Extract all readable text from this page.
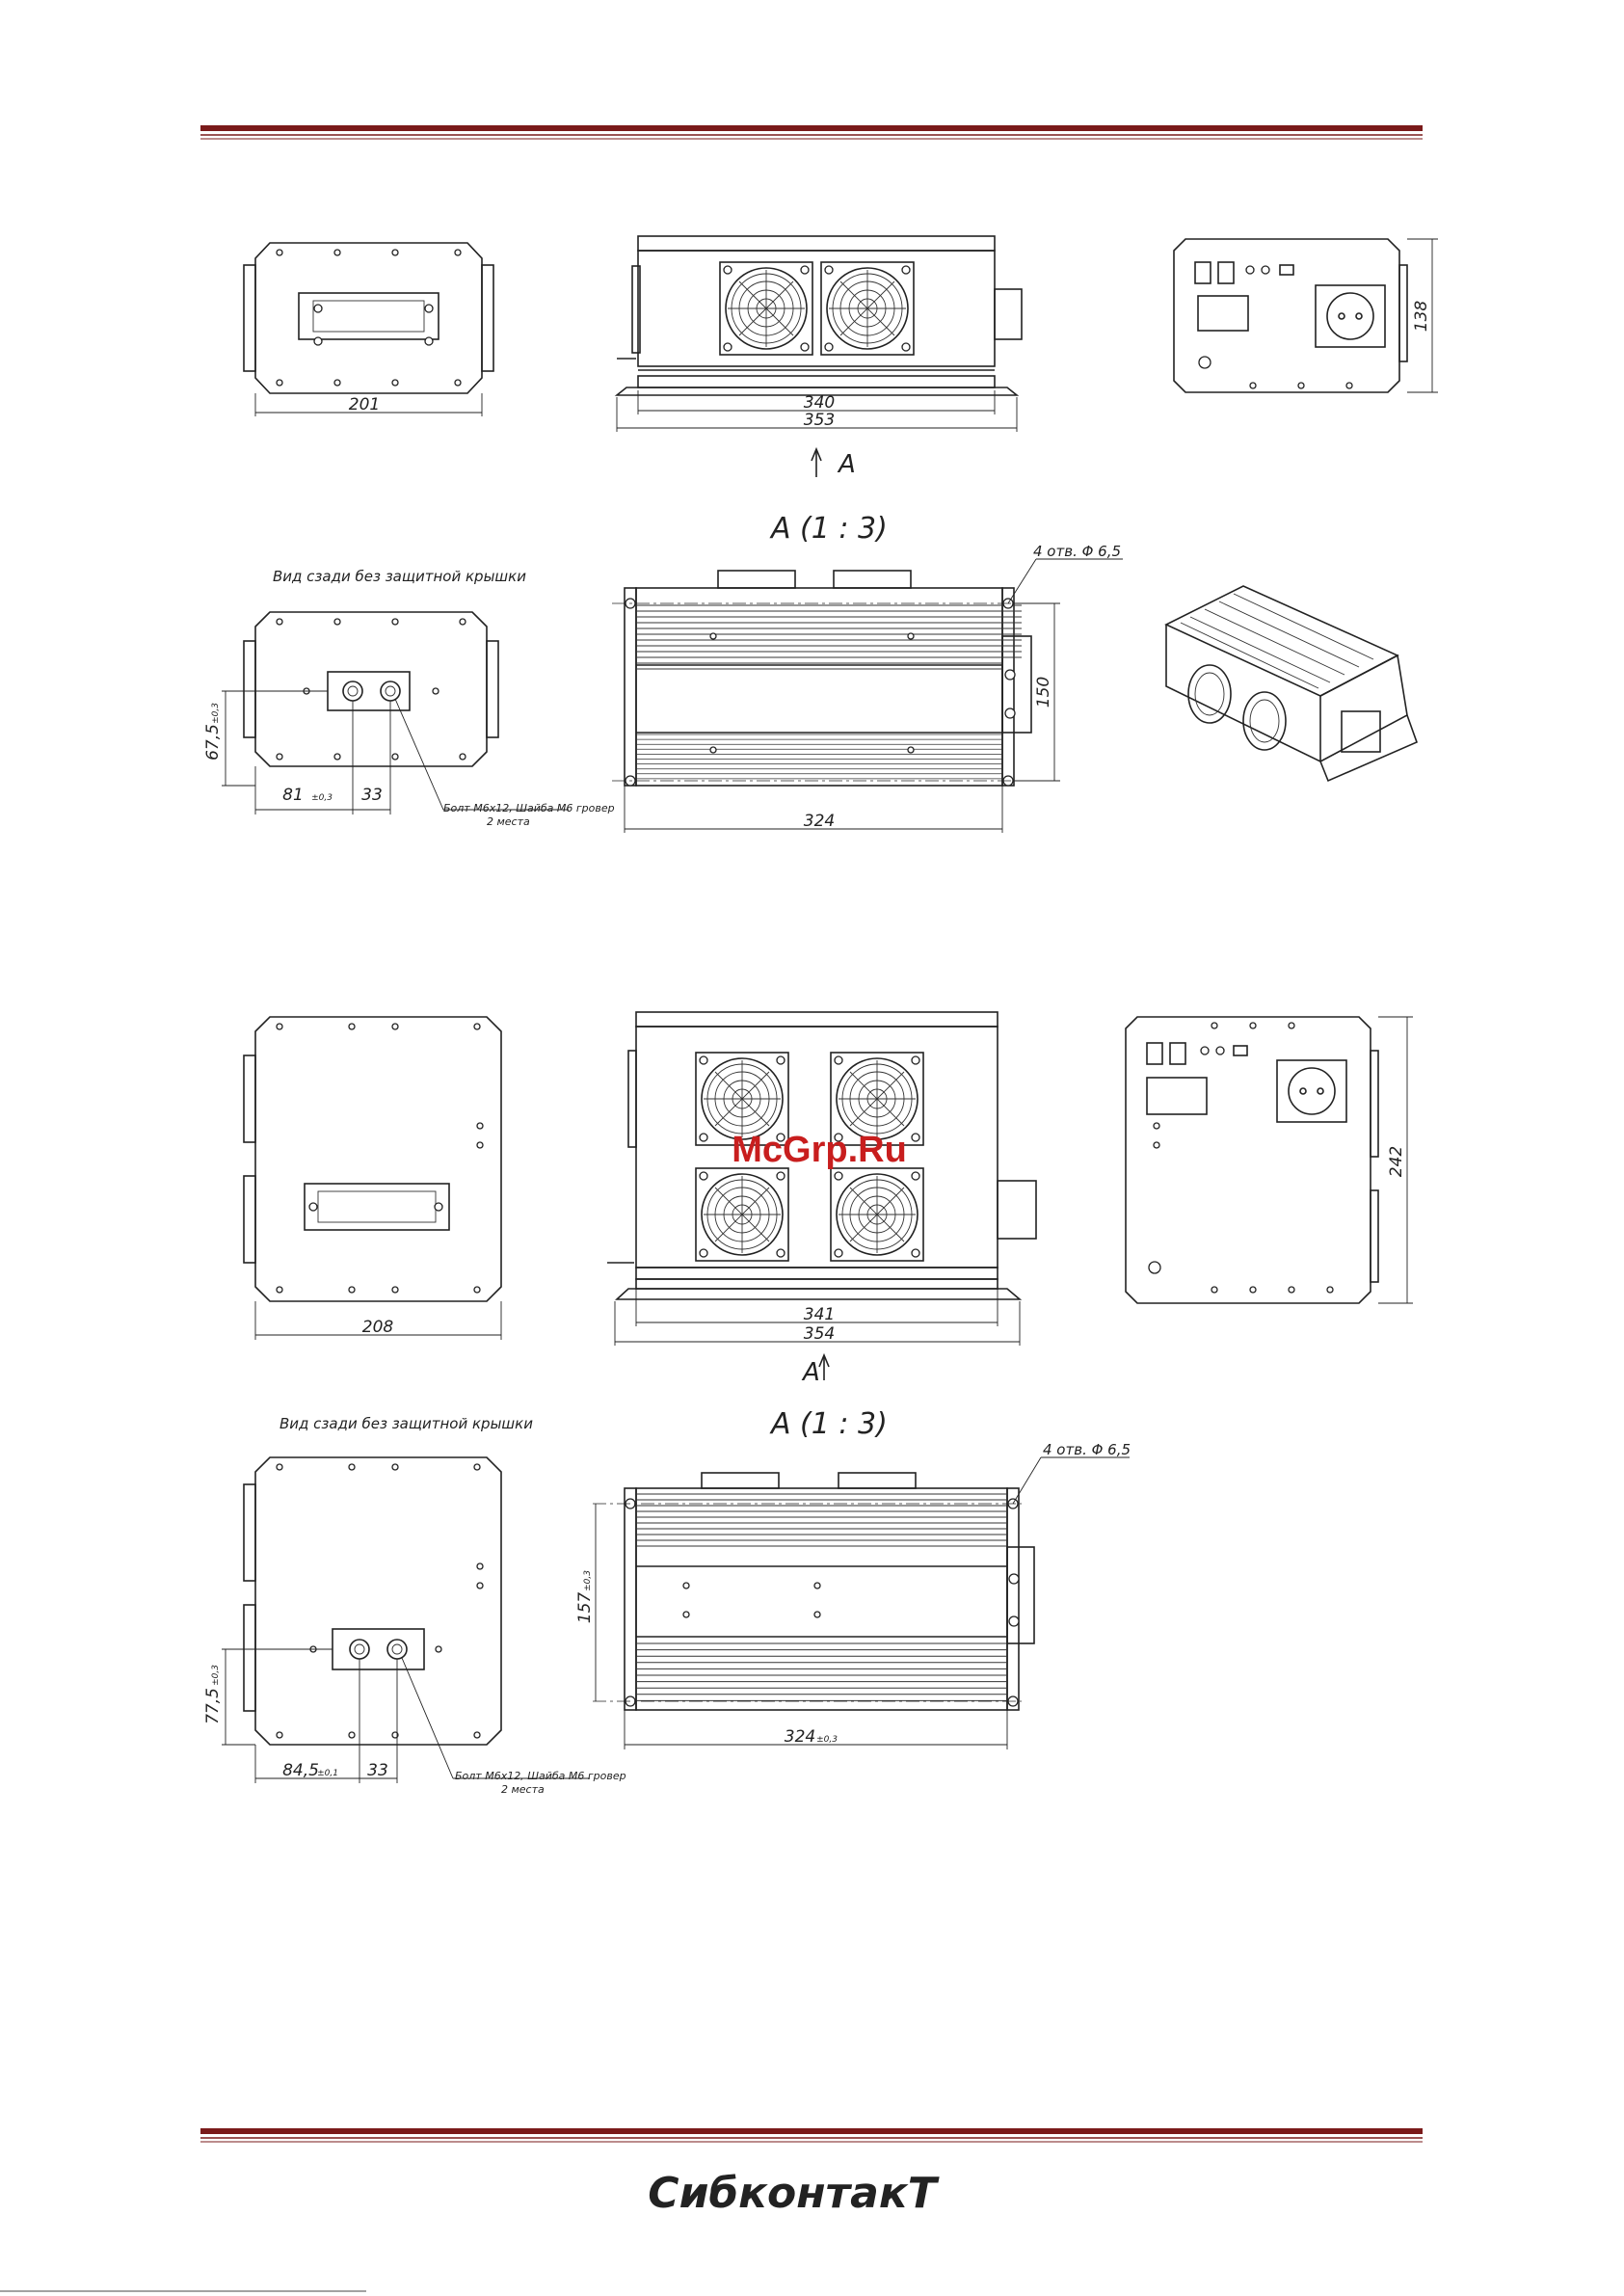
201	340
353
A
138
A (1 : 3)
Вид сзади без защитной крышки
67,5
±0,3
81 ±0,3 33
Болт М6х12, Шайба М6 гровер
2 места
150
324
4 отв. Φ 6,5
208
341
354
A
242
McGrp.Ru
A (1 : 3)
Вид сзади без защитной крышки
77,5
±0,3
84,5
±0,1 33	Болт М6х12, Шайба М6 гровер
2 места
157
±0,3
324 ±0,3
4 отв. Φ 6,5
СибконтакТ
